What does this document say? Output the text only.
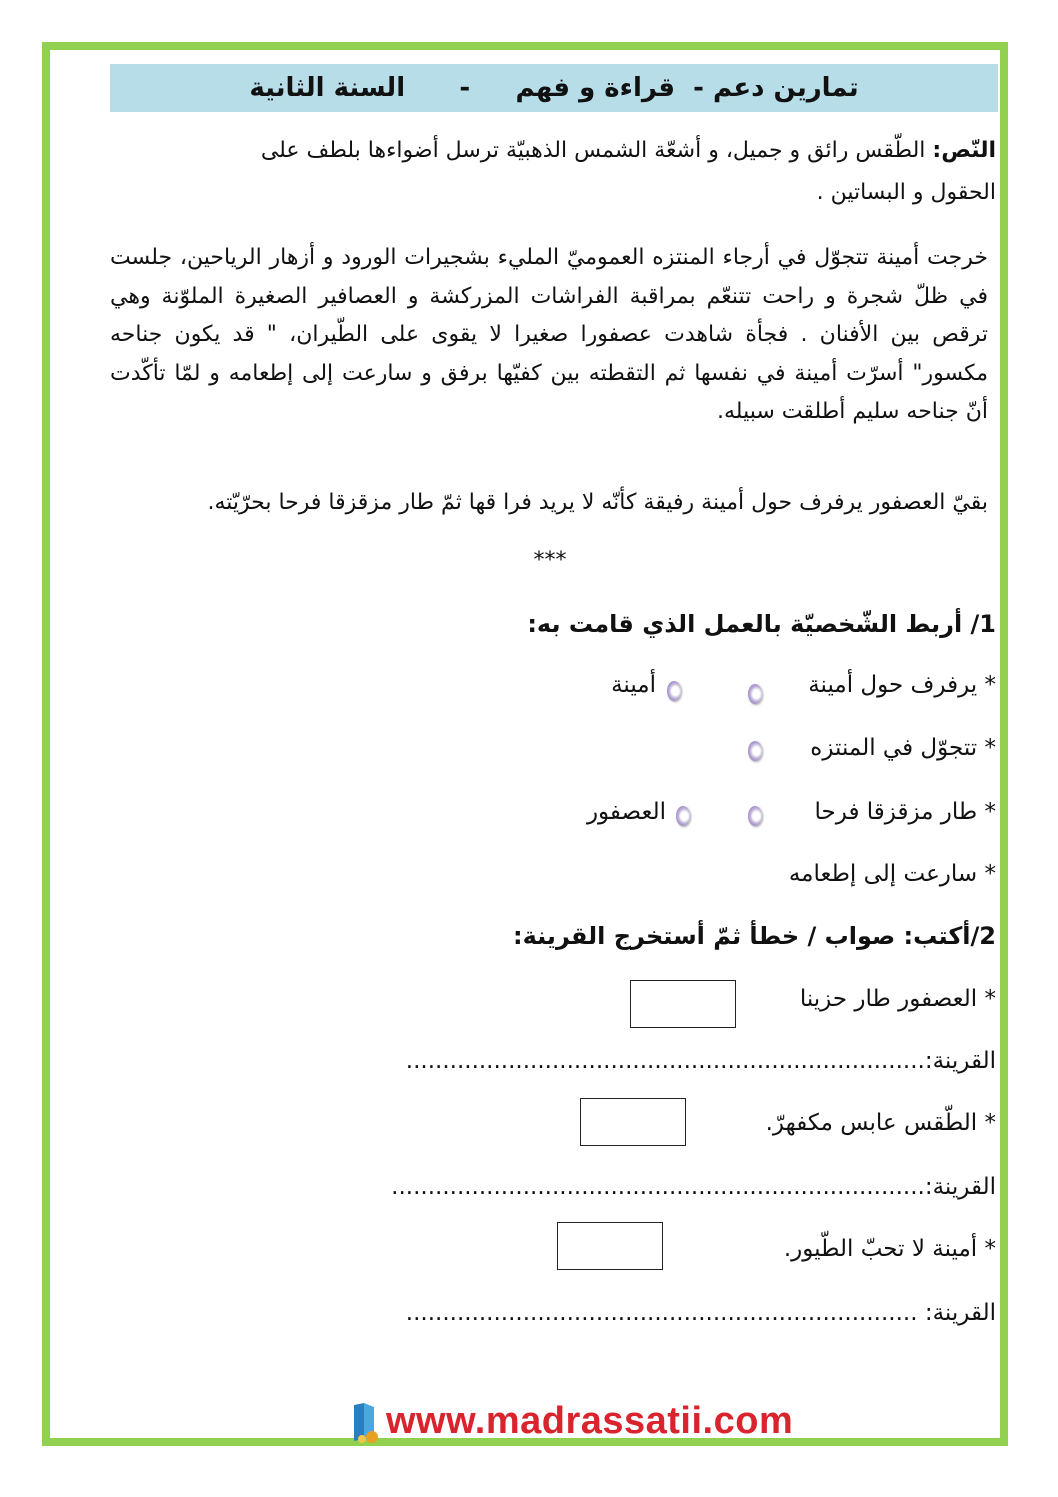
تمارين دعم -  قراءة و فهم     -      السنة الثانية
النّص: الطّقس رائق و جميل، و أشعّة الشمس الذهبيّة ترسل أضواءها بلطف على
الحقول و البساتين .
خرجت أمينة تتجوّل في أرجاء المنتزه العموميّ المليء بشجيرات الورود و أزهار الرياحين، جلست في ظلّ شجرة و راحت تتنعّم بمراقبة الفراشات المزركشة و العصافير الصغيرة الملوّنة وهي ترقص بين الأفنان . فجأة شاهدت عصفورا صغيرا لا يقوى على الطّيران، " قد يكون جناحه مكسور" أسرّت أمينة في نفسها ثم التقطته بين كفيّها برفق و سارعت إلى إطعامه و لمّا تأكّدت أنّ جناحه سليم أطلقت سبيله.
بقيّ العصفور يرفرف حول أمينة رفيقة كأنّه لا يريد فرا قها ثمّ طار مزقزقا فرحا بحرّيّته.
***
1/ أربط الشّخصيّة بالعمل الذي قامت به:
* يرفرف حول أمينة
* تتجوّل في المنتزه
* طار مزقزقا فرحا
* سارعت إلى إطعامه
أمينة
العصفور
2/أكتب: صواب / خطأ ثمّ أستخرج القرينة:
* العصفور طار حزينا
القرينة:.......................................................................
* الطّقس عابس مكفهرّ.
القرينة:.........................................................................
* أمينة لا تحبّ الطّيور.
القرينة: ......................................................................
www.madrassatii.com
